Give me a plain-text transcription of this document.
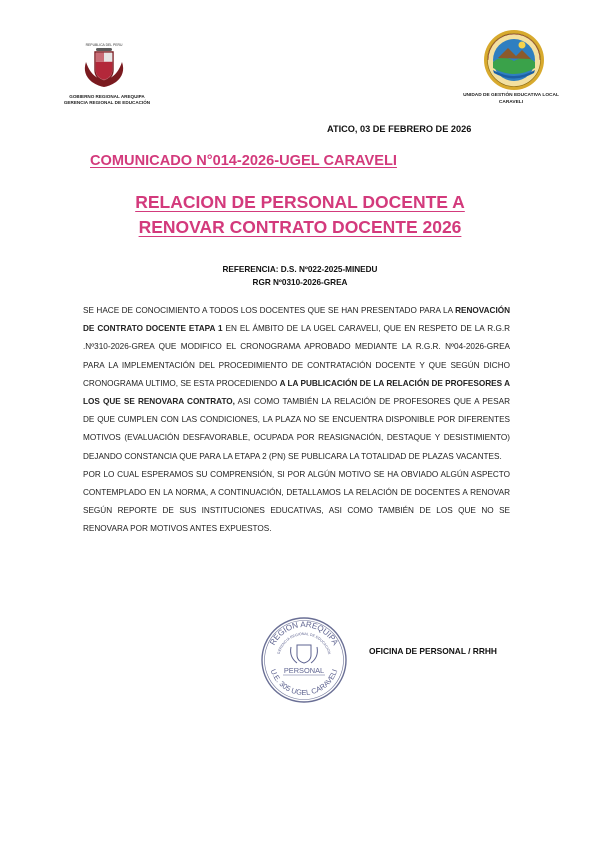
REPUBLICA DEL PERU
GOBIERNO REGIONAL AREQUIPA
GERENCIA REGIONAL DE EDUCACIÓN
UNIDAD DE GESTIÓN EDUCATIVA LOCAL
CARAVELI
ATICO, 03 DE FEBRERO DE 2026
COMUNICADO N°014-2026-UGEL CARAVELI
RELACION DE PERSONAL DOCENTE A
RENOVAR CONTRATO DOCENTE 2026
REFERENCIA: D.S. Nº022-2025-MINEDU
RGR Nº0310-2026-GREA

SE HACE DE CONOCIMIENTO A TODOS LOS DOCENTES QUE SE HAN PRESENTADO PARA LA RENOVACIÓN DE CONTRATO DOCENTE ETAPA 1 EN EL ÁMBITO DE LA UGEL CARAVELI, QUE EN RESPETO DE LA R.G.R .Nº310-2026-GREA QUE MODIFICO EL CRONOGRAMA APROBADO MEDIANTE LA R.G.R. Nº04-2026-GREA PARA LA IMPLEMENTACIÓN DEL PROCEDIMIENTO DE CONTRATACIÓN DOCENTE Y QUE SEGÚN DICHO CRONOGRAMA ULTIMO, SE ESTA PROCEDIENDO A LA PUBLICACIÓN DE LA RELACIÓN DE PROFESORES A LOS QUE SE RENOVARA CONTRATO, ASI COMO TAMBIÉN LA RELACIÓN DE PROFESORES QUE A PESAR DE QUE CUMPLEN CON LAS CONDICIONES, LA PLAZA NO SE ENCUENTRA DISPONIBLE POR DIFERENTES MOTIVOS (EVALUACIÓN DESFAVORABLE, OCUPADA POR REASIGNACIÓN, DESTAQUE Y DESISTIMIENTO) DEJANDO CONSTANCIA QUE PARA LA ETAPA 2 (PN) SE PUBLICARA LA TOTALIDAD DE PLAZAS VACANTES.

POR LO CUAL ESPERAMOS SU COMPRENSIÓN, SI POR ALGÚN MOTIVO SE HA OBVIADO ALGÚN ASPECTO CONTEMPLADO EN LA NORMA, A CONTINUACIÓN, DETALLAMOS LA RELACIÓN DE DOCENTES A RENOVAR SEGÚN REPORTE DE SUS INSTITUCIONES EDUCATIVAS, ASI COMO TAMBIÉN DE LOS QUE NO SE RENOVARA POR MOTIVOS ANTES EXPUESTOS.

REGION AREQUIPA
GERENCIA REGIONAL DE EDUCACION
PERSONAL
U.E. 305 UGEL CARAVELI
OFICINA DE PERSONAL / RRHH
